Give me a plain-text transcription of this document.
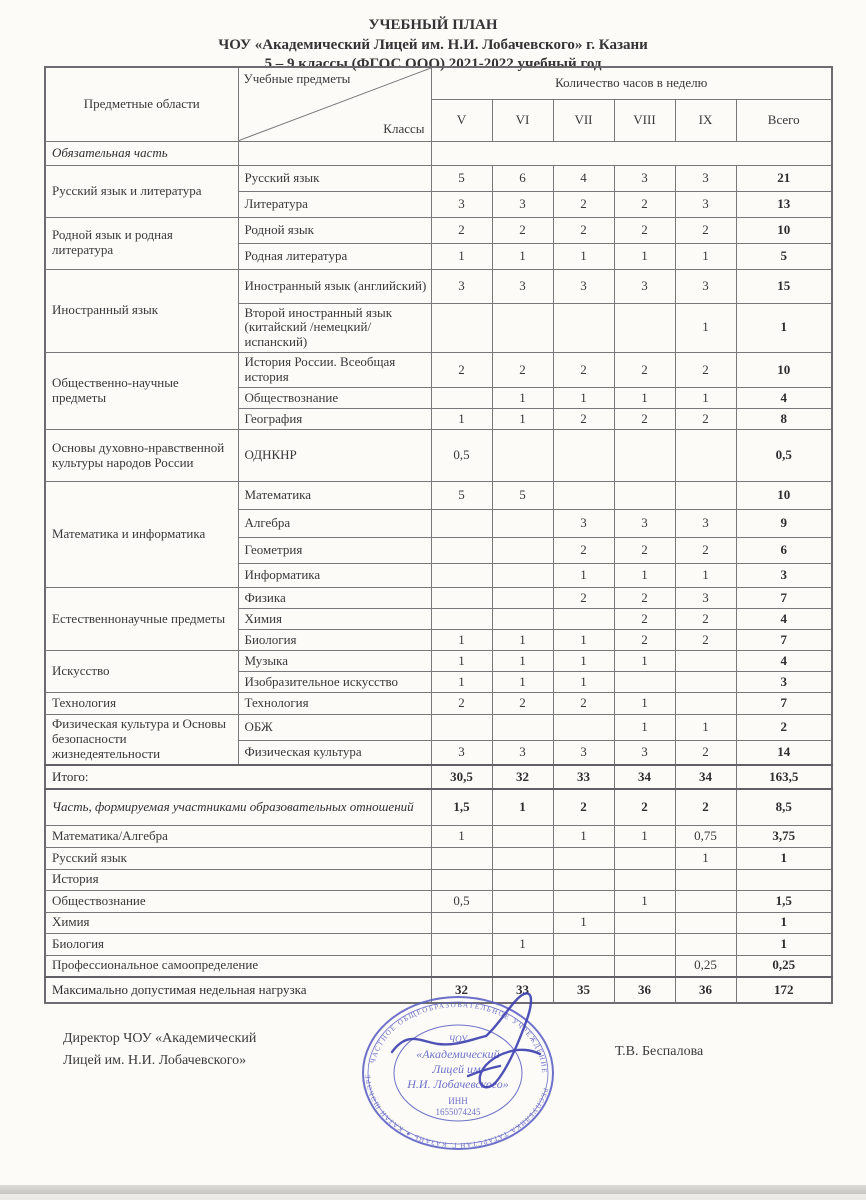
УЧЕБНЫЙ ПЛАН
ЧОУ «Академический Лицей им. Н.И. Лобачевского» г. Казани
5 – 9 классы (ФГОС ООО) 2021-2022 учебный год
Предметные области	Учебные предметы
Классы	Количество часов в неделю					
		V	VI	VII	VIII	IX	Всего
Обязательная часть							
Русский язык и литература	Русский язык	5	6	4	3	3	21
	Литература	3	3	2	2	3	13
Родной язык и родная литература	Родной язык	2	2	2	2	2	10
	Родная литература	1	1	1	1	1	5
Иностранный язык	Иностранный язык (английский)	3	3	3	3	3	15
	Второй иностранный язык (китайский /немецкий/испанский)					1	1
Общественно-научные предметы	История России. Всеобщая история	2	2	2	2	2	10
	Обществознание		1	1	1	1	4
	География	1	1	2	2	2	8
Основы духовно-нравственной культуры народов России	ОДНКНР	0,5					0,5
Математика и информатика	Математика	5	5				10
	Алгебра			3	3	3	9
	Геометрия			2	2	2	6
	Информатика			1	1	1	3
Естественнонаучные предметы	Физика			2	2	3	7
	Химия				2	2	4
	Биология	1	1	1	2	2	7
Искусство	Музыка	1	1	1	1		4
	Изобразительное искусство	1	1	1			3
Технология	Технология	2	2	2	1		7
Физическая культура и Основы безопасности жизнедеятельности	ОБЖ				1	1	2
	Физическая культура	3	3	3	3	2	14
Итого:		30,5	32	33	34	34	163,5
Часть, формируемая участниками образовательных отношений		1,5	1	2	2	2	8,5
Математика/Алгебра		1		1	1	0,75	3,75
Русский язык						1	1
История							
Обществознание		0,5			1		1,5
Химия				1			1
Биология			1				1
Профессиональное самоопределение						0,25	0,25
Максимально допустимая недельная нагрузка		32	33	35	36	36	172
Директор ЧОУ «Академический
Лицей им. Н.И. Лобачевского»	ЧАСТНОЕ ОБЩЕОБРАЗОВАТЕЛЬНОЕ УЧРЕЖДЕНИЕ
РЕСПУБЛИКА ТАТАРСТАН Г. КАЗАНЬ ✦ КАЗАН ШӘҺӘРЕ
ЧОУ
«Академический
Лицей им.
Н.И. Лобачевского»
ИНН
1655074245
Т.В. Беспалова
